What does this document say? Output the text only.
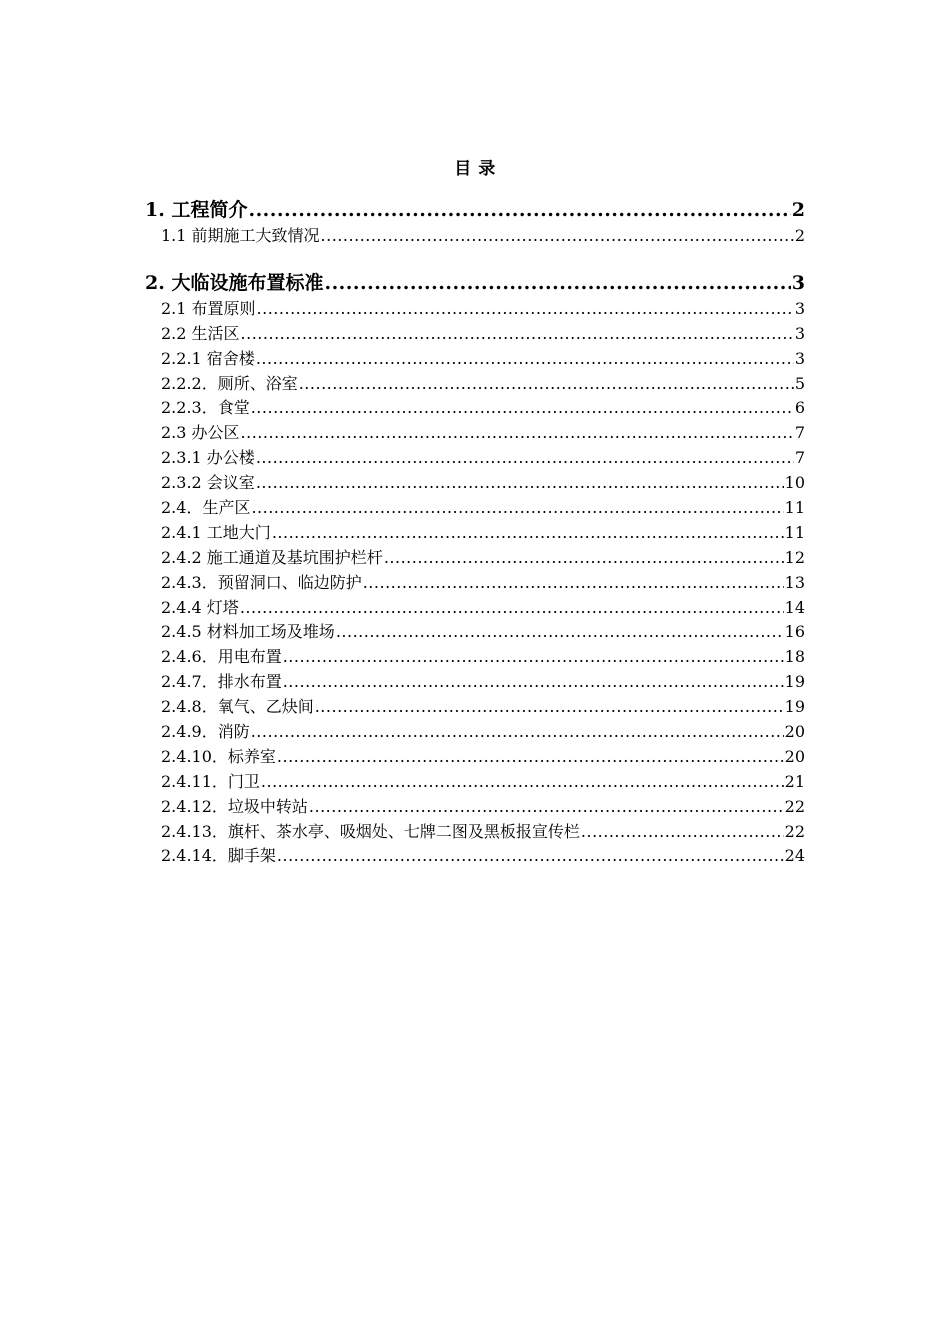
目 录
1. 工程简介 .....	2
1.1 前期施工大致情况 .....	2
2. 大临设施布置标准 .....	3
2.1 布置原则 .....	3
2.2 生活区 .....	3
2.2.1 宿舍楼 .....	3
2.2.2．厕所、浴室 .....	5
2.2.3．食堂 .....	6
2.3 办公区 .....	7
2.3.1 办公楼 .....	7
2.3.2 会议室 .....	10
2.4．生产区 .....	11
2.4.1 工地大门 .....	11
2.4.2 施工通道及基坑围护栏杆 .....	12
2.4.3．预留洞口、临边防护 .....	13
2.4.4 灯塔 .....	14
2.4.5 材料加工场及堆场 .....	16
2.4.6．用电布置 .....	18
2.4.7．排水布置 .....	19
2.4.8．氧气、乙炔间 .....	19
2.4.9．消防 .....	20
2.4.10．标养室 .....	20
2.4.11．门卫 .....	21
2.4.12．垃圾中转站 .....	22
2.4.13．旗杆、茶水亭、吸烟处、七牌二图及黑板报宣传栏 .....	22
2.4.14．脚手架 .....	24
